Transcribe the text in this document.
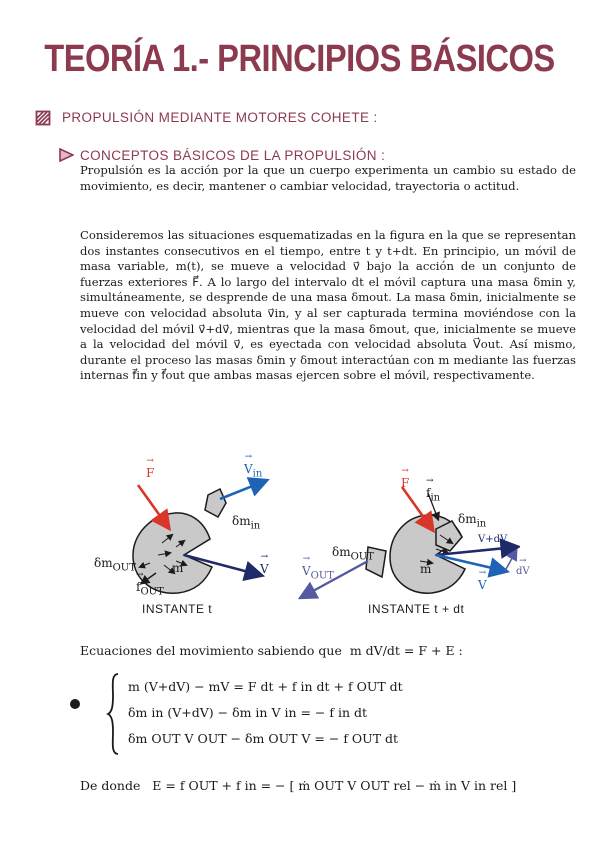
TEORÍA 1.- PRINCIPIOS BÁSICOS
PROPULSIÓN MEDIANTE MOTORES COHETE :
CONCEPTOS BÁSICOS DE LA PROPULSIÓN :
Propulsión es la acción por la que un cuerpo experimenta un cambio su estado de movimiento, es decir, mantener o cambiar velocidad, trayectoria o actitud.
Consideremos las situaciones esquematizadas en la figura en la que se representan dos instantes consecutivos en el tiempo, entre t y t+dt. En principio, un móvil de masa variable, m(t), se mueve a velocidad v⃗ bajo la acción de un conjunto de fuerzas exteriores F⃗. A lo largo del intervalo dt el móvil captura una masa δmin y, simultáneamente, se desprende de una masa δmout. La masa δmin, inicialmente se mueve con velocidad absoluta v⃗in, y al ser capturada termina moviéndose con la velocidad del móvil v⃗+dv⃗, mientras que la masa δmout, que, inicialmente se mueve a la velocidad del móvil v⃗, es eyectada con velocidad absoluta V⃗out. Así mismo, durante el proceso las masas δmin y δmout interactúan con m mediante las fuerzas internas f⃗in y f⃗out que ambas masas ejercen sobre el móvil, respectivamente.
→ F	→ $V_{in}$
$\delta m_{in}$
$\delta m_{OUT}$
→ $f_{OUT}$
m	→ V
INSTANTE t
→ F
→ $f_{in}$
$\delta m_{in}$
V+dV
→ dV
→ V
$\delta m_{OUT}$
→ $V_{OUT}$	m
INSTANTE t + dt
Ecuaciones del movimiento sabiendo que m dV/dt = F + E :
m (V+dV) − mV = F dt + f in dt + f OUT dt
δm in (V+dV) − δm in V in = − f in dt
δm OUT V OUT − δm OUT V = − f OUT dt
De donde E = f OUT + f in = − [ ṁ OUT V OUT rel − ṁ in V in rel ]
